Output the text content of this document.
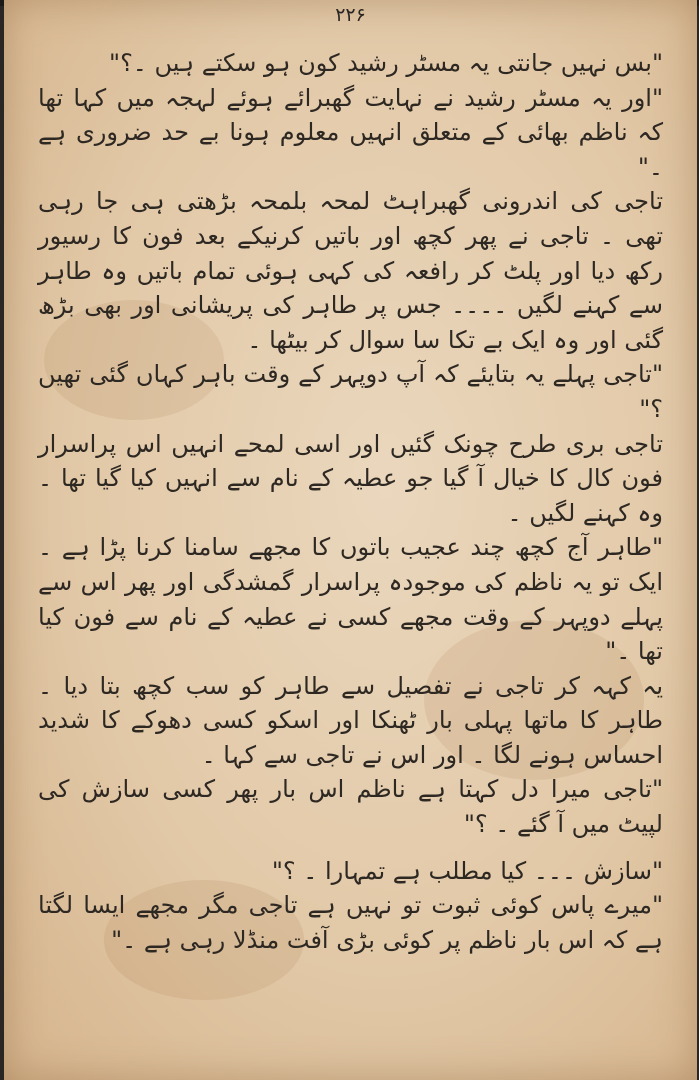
۲۲۶

"بس نہیں جانتی یہ مسٹر رشید کون ہو سکتے ہیں ۔؟"

"اور یہ مسٹر رشید نے نہایت گھبرائے ہوئے لہجہ میں کہا تھا کہ ناظم بھائی کے متعلق انہیں معلوم ہونا بے حد ضروری ہے ۔"

تاجی کی اندرونی گھبراہٹ لمحہ بلمحہ بڑھتی ہی جا رہی تھی ۔ تاجی نے پھر کچھ اور باتیں کرنیکے بعد فون کا رسیور رکھ دیا اور پلٹ کر رافعہ کی کہی ہوئی تمام باتیں وہ طاہر سے کہنے لگیں ۔۔۔۔ جس پر طاہر کی پریشانی اور بھی بڑھ گئی اور وہ ایک بے تکا سا سوال کر بیٹھا ۔

"تاجی پہلے یہ بتایئے کہ آپ دوپہر کے وقت باہر کہاں گئی تھیں ؟"

تاجی بری طرح چونک گئیں اور اسی لمحے انہیں اس پراسرار فون کال کا خیال آ گیا جو عطیہ کے نام سے انہیں کیا گیا تھا ۔ وہ کہنے لگیں ۔

"طاہر آج کچھ چند عجیب باتوں کا مجھے سامنا کرنا پڑا ہے ۔ ایک تو یہ ناظم کی موجودہ پراسرار گمشدگی اور پھر اس سے پہلے دوپہر کے وقت مجھے کسی نے عطیہ کے نام سے فون کیا تھا ۔"

یہ کہہ کر تاجی نے تفصیل سے طاہر کو سب کچھ بتا دیا ۔ طاہر کا ماتھا پہلی بار ٹھنکا اور اسکو کسی دھوکے کا شدید احساس ہونے لگا ۔ اور اس نے تاجی سے کہا ۔

"تاجی میرا دل کہتا ہے ناظم اس بار پھر کسی سازش کی لپیٹ میں آ گئے ۔ ؟"

"سازش ۔۔۔ کیا مطلب ہے تمہارا ۔ ؟"

"میرے پاس کوئی ثبوت تو نہیں ہے تاجی مگر مجھے ایسا لگتا ہے کہ اس بار ناظم پر کوئی بڑی آفت منڈلا رہی ہے ۔"
